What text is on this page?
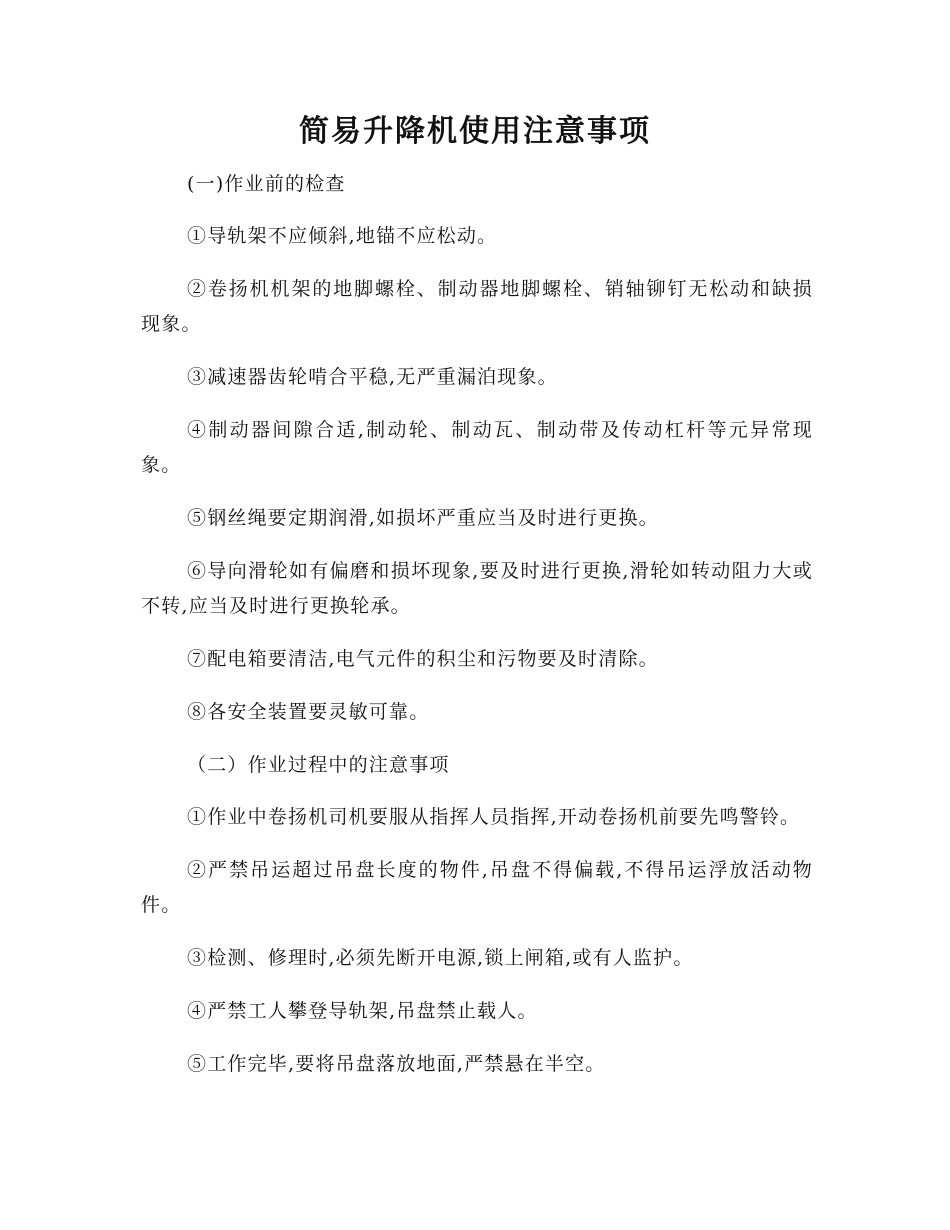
简易升降机使用注意事项

(一)作业前的检查

①导轨架不应倾斜,地锚不应松动。

②卷扬机机架的地脚螺栓、制动器地脚螺栓、销轴铆钉无松动和缺损现象。

③减速器齿轮啃合平稳,无严重漏泊现象。

④制动器间隙合适,制动轮、制动瓦、制动带及传动杠杆等元异常现象。

⑤钢丝绳要定期润滑,如损坏严重应当及时进行更换。

⑥导向滑轮如有偏磨和损坏现象,要及时进行更换,滑轮如转动阻力大或不转,应当及时进行更换轮承。

⑦配电箱要清洁,电气元件的积尘和污物要及时清除。

⑧各安全装置要灵敏可靠。

（二）作业过程中的注意事项

①作业中卷扬机司机要服从指挥人员指挥,开动卷扬机前要先鸣警铃。

②严禁吊运超过吊盘长度的物件,吊盘不得偏载,不得吊运浮放活动物件。

③检测、修理时,必须先断开电源,锁上闸箱,或有人监护。

④严禁工人攀登导轨架,吊盘禁止载人。

⑤工作完毕,要将吊盘落放地面,严禁悬在半空。
